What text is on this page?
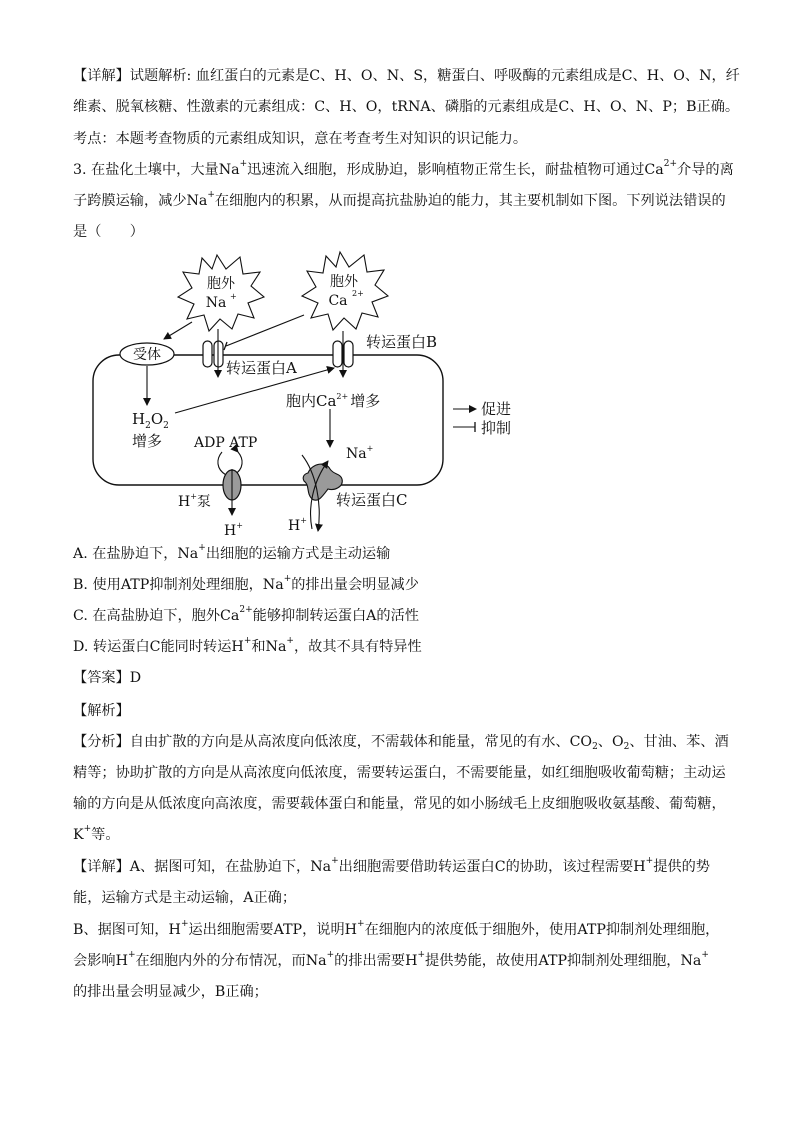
【详解】试题解析: 血红蛋白的元素是C、H、O、N、S，糖蛋白、呼吸酶的元素组成是C、H、O、N，纤
维素、脱氧核糖、性激素的元素组成：C、H、O，tRNA、磷脂的元素组成是C、H、O、N、P；B正确。
考点：本题考查物质的元素组成知识，意在考查考生对知识的识记能力。
3. 在盐化土壤中，大量Na+迅速流入细胞，形成胁迫，影响植物正常生长，耐盐植物可通过$Ca^{2+}$介导的离
子跨膜运输，减少Na+在细胞内的积累，从而提高抗盐胁迫的能力，其主要机制如下图。下列说法错误的
是（　　）
胞外
Na +
胞外
Ca 2+
受体
转运蛋白A
转运蛋白B
$H_2O_2$
增多
胞内$Ca^{2+}$ 增多
ADP ATP
H+泵
H+
Na+
H+
转运蛋白C
促进
抑制
A. 在盐胁迫下，Na+出细胞的运输方式是主动运输
B. 使用ATP抑制剂处理细胞，Na+的排出量会明显减少
C. 在高盐胁迫下，胞外$Ca^{2+}$能够抑制转运蛋白A的活性
D. 转运蛋白C能同时转运H+和Na+，故其不具有特异性
【答案】D
【解析】
【分析】自由扩散的方向是从高浓度向低浓度，不需载体和能量，常见的有水、CO2、O2、甘油、苯、酒
精等；协助扩散的方向是从高浓度向低浓度，需要转运蛋白，不需要能量，如红细胞吸收葡萄糖；主动运
输的方向是从低浓度向高浓度，需要载体蛋白和能量，常见的如小肠绒毛上皮细胞吸收氨基酸、葡萄糖，
K+等。
【详解】A、据图可知，在盐胁迫下，Na+出细胞需要借助转运蛋白C的协助，该过程需要H+提供的势
能，运输方式是主动运输，A正确；
B、据图可知，H+运出细胞需要ATP，说明H+在细胞内的浓度低于细胞外，使用ATP抑制剂处理细胞，
会影响H+在细胞内外的分布情况，而Na+的排出需要H+提供势能，故使用ATP抑制剂处理细胞，Na+
的排出量会明显减少，B正确；
